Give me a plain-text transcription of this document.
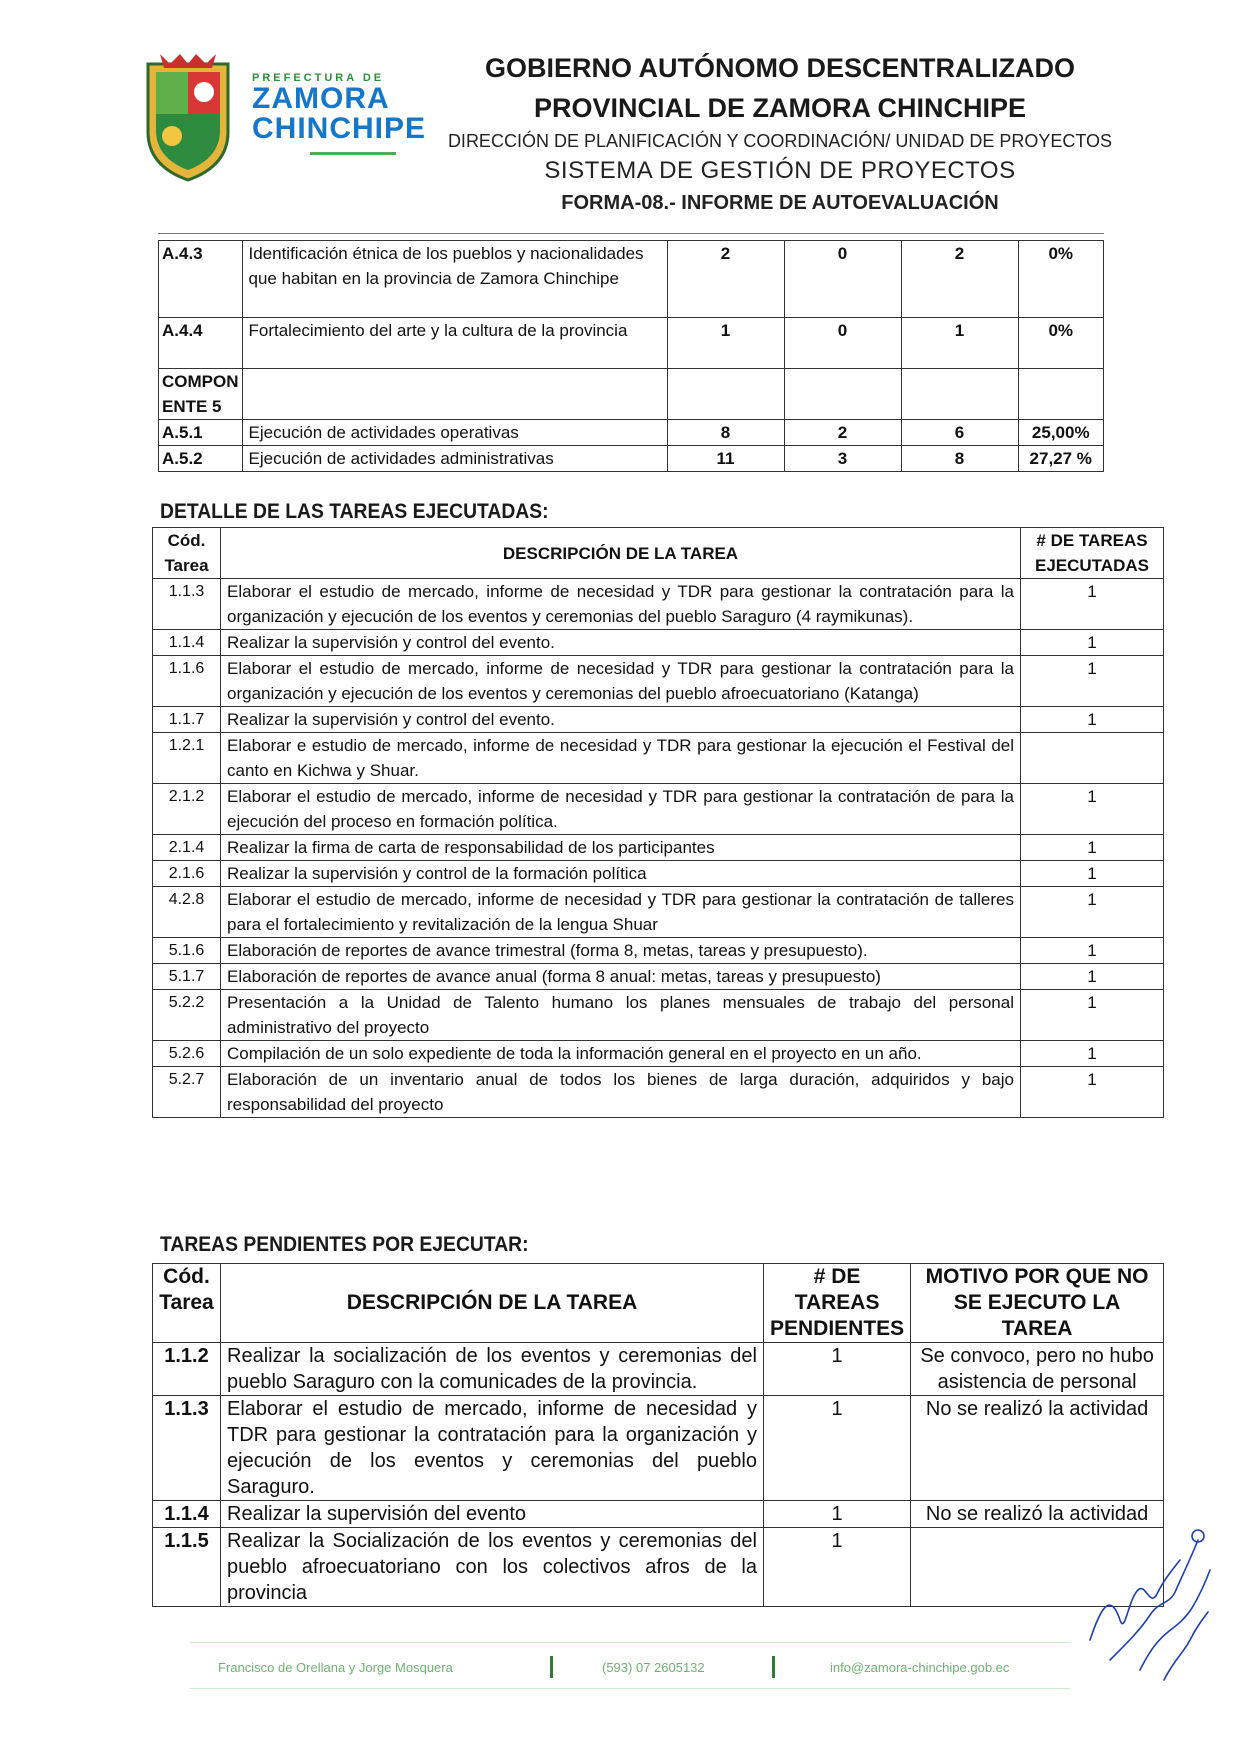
PREFECTURA DE
ZAMORA
CHINCHIPE
GOBIERNO AUTÓNOMO DESCENTRALIZADO
PROVINCIAL DE ZAMORA CHINCHIPE
DIRECCIÓN DE PLANIFICACIÓN Y COORDINACIÓN/ UNIDAD DE PROYECTOS
SISTEMA DE GESTIÓN DE PROYECTOS
FORMA-08.- INFORME DE AUTOEVALUACIÓN
A.4.3	Identificación étnica de los pueblos y nacionalidades que habitan en la provincia de Zamora Chinchipe	2	0	2	0%
A.4.4	Fortalecimiento del arte y la cultura de la provincia	1	0	1	0%
COMPON ENTE 5					
A.5.1	Ejecución de actividades operativas	8	2	6	25,00%
A.5.2	Ejecución de actividades administrativas	11	3	8	27,27 %
DETALLE DE LAS TAREAS EJECUTADAS:
Cód. Tarea	DESCRIPCIÓN DE LA TAREA	# DE TAREAS EJECUTADAS
1.1.3	Elaborar el estudio de mercado, informe de necesidad y TDR para gestionar la contratación para la organización y ejecución de los eventos y ceremonias del pueblo Saraguro (4 raymikunas).	1
1.1.4	Realizar la supervisión y control del evento.	1
1.1.6	Elaborar el estudio de mercado, informe de necesidad y TDR para gestionar la contratación para la organización y ejecución de los eventos y ceremonias del pueblo afroecuatoriano (Katanga)	1
1.1.7	Realizar la supervisión y control del evento.	1
1.2.1	Elaborar e estudio de mercado, informe de necesidad y TDR para gestionar la ejecución el Festival del canto en Kichwa y Shuar.	
2.1.2	Elaborar el estudio de mercado, informe de necesidad y TDR para gestionar la contratación de para la ejecución del proceso en formación política.	1
2.1.4	Realizar la firma de carta de responsabilidad de los participantes	1
2.1.6	Realizar la supervisión y control de la formación política	1
4.2.8	Elaborar el estudio de mercado, informe de necesidad y TDR para gestionar la contratación de talleres para el fortalecimiento y revitalización de la lengua Shuar	1
5.1.6	Elaboración de reportes de avance trimestral (forma 8, metas, tareas y presupuesto).	1
5.1.7	Elaboración de reportes de avance anual (forma 8 anual: metas, tareas y presupuesto)	1
5.2.2	Presentación a la Unidad de Talento humano los planes mensuales de trabajo del personal administrativo del proyecto	1
5.2.6	Compilación de un solo expediente de toda la información general en el proyecto en un año.	1
5.2.7	Elaboración de un inventario anual de todos los bienes de larga duración, adquiridos y bajo responsabilidad del proyecto	1
TAREAS PENDIENTES POR EJECUTAR:
Cód. Tarea	DESCRIPCIÓN DE LA TAREA	# DE TAREAS PENDIENTES	MOTIVO POR QUE NO SE EJECUTO LA TAREA
1.1.2	Realizar la socialización de los eventos y ceremonias del pueblo Saraguro con la comunicades de la provincia.	1	Se convoco, pero no hubo asistencia de personal
1.1.3	Elaborar el estudio de mercado, informe de necesidad y TDR para gestionar la contratación para la organización y ejecución de los eventos y ceremonias del pueblo Saraguro.	1	No se realizó la actividad
1.1.4	Realizar la supervisión del evento	1	No se realizó la actividad
1.1.5	Realizar la Socialización de los eventos y ceremonias del pueblo afroecuatoriano con los colectivos afros de la provincia	1	
Francisco de Orellana y Jorge Mosquera	(593) 07 2605132	info@zamora-chinchipe.gob.ec
